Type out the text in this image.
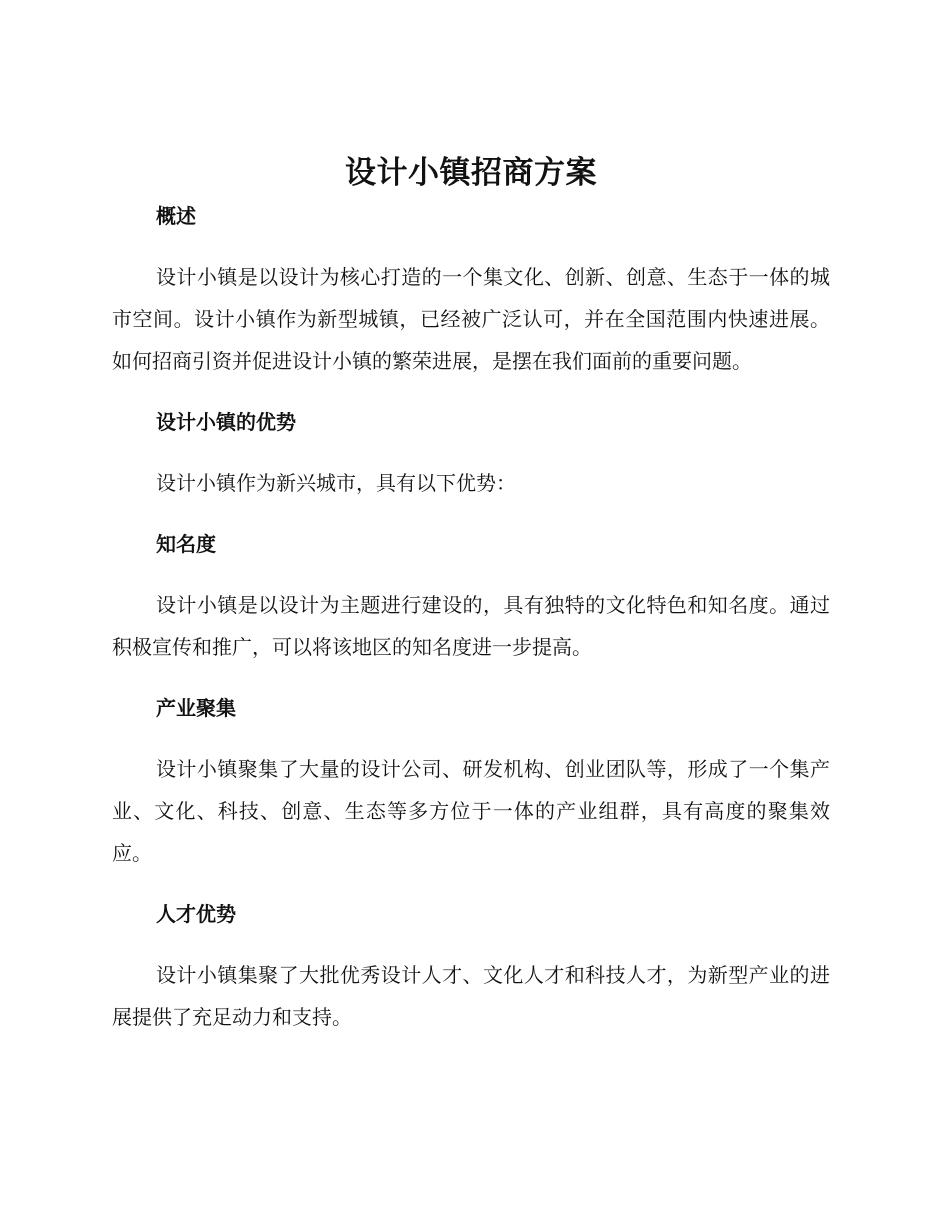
设计小镇招商方案

概述

设计小镇是以设计为核心打造的一个集文化、创新、创意、生态于一体的城市空间。设计小镇作为新型城镇，已经被广泛认可，并在全国范围内快速进展。如何招商引资并促进设计小镇的繁荣进展，是摆在我们面前的重要问题。

设计小镇的优势

设计小镇作为新兴城市，具有以下优势：

知名度

设计小镇是以设计为主题进行建设的，具有独特的文化特色和知名度。通过积极宣传和推广，可以将该地区的知名度进一步提高。

产业聚集

设计小镇聚集了大量的设计公司、研发机构、创业团队等，形成了一个集产业、文化、科技、创意、生态等多方位于一体的产业组群，具有高度的聚集效应。

人才优势

设计小镇集聚了大批优秀设计人才、文化人才和科技人才，为新型产业的进展提供了充足动力和支持。
